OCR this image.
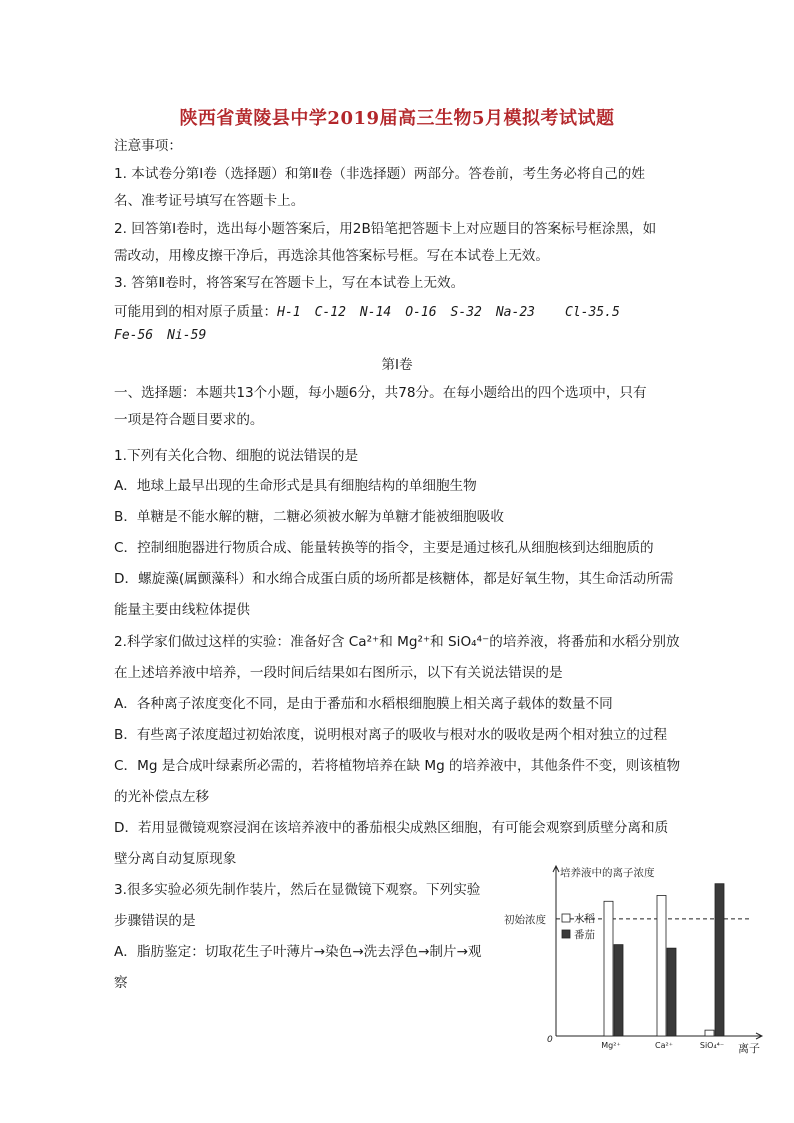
陕西省黄陵县中学2019届高三生物5月模拟考试试题
注意事项：
1. 本试卷分第Ⅰ卷（选择题）和第Ⅱ卷（非选择题）两部分。答卷前，考生务必将自己的姓
名、准考证号填写在答题卡上。
2. 回答第Ⅰ卷时，选出每小题答案后，用2B铅笔把答题卡上对应题目的答案标号框涂黑，如
需改动，用橡皮擦干净后，再选涂其他答案标号框。写在本试卷上无效。
3. 答第Ⅱ卷时，将答案写在答题卡上，写在本试卷上无效。
可能用到的相对原子质量：H-1 C-12 N-14 O-16 S-32 Na-23 Cl-35.5
Fe-56 Ni-59
第Ⅰ卷
一、选择题：本题共13个小题，每小题6分，共78分。在每小题给出的四个选项中，只有
一项是符合题目要求的。
1.下列有关化合物、细胞的说法错误的是
A．地球上最早出现的生命形式是具有细胞结构的单细胞生物
B．单糖是不能水解的糖，二糖必须被水解为单糖才能被细胞吸收
C．控制细胞器进行物质合成、能量转换等的指令，主要是通过核孔从细胞核到达细胞质的
D．螺旋藻(属颤藻科）和水绵合成蛋白质的场所都是核糖体，都是好氧生物，其生命活动所需
能量主要由线粒体提供
2.科学家们做过这样的实验：准备好含 Ca²⁺和 Mg²⁺和 SiO₄⁴⁻的培养液，将番茄和水稻分别放
在上述培养液中培养，一段时间后结果如右图所示，以下有关说法错误的是
A．各种离子浓度变化不同，是由于番茄和水稻根细胞膜上相关离子载体的数量不同
B．有些离子浓度超过初始浓度，说明根对离子的吸收与根对水的吸收是两个相对独立的过程
C．Mg 是合成叶绿素所必需的，若将植物培养在缺 Mg 的培养液中，其他条件不变，则该植物
的光补偿点左移
D．若用显微镜观察浸润在该培养液中的番茄根尖成熟区细胞，有可能会观察到质壁分离和质
壁分离自动复原现象
3.很多实验必须先制作装片，然后在显微镜下观察。下列实验
步骤错误的是
A．脂肪鉴定：切取花生子叶薄片→染色→洗去浮色→制片→观
察
培养液中的离子浓度
离子
0
初始浓度
Mg²⁺	Ca²⁺	SiO₄⁴⁻
水稻
番茄
